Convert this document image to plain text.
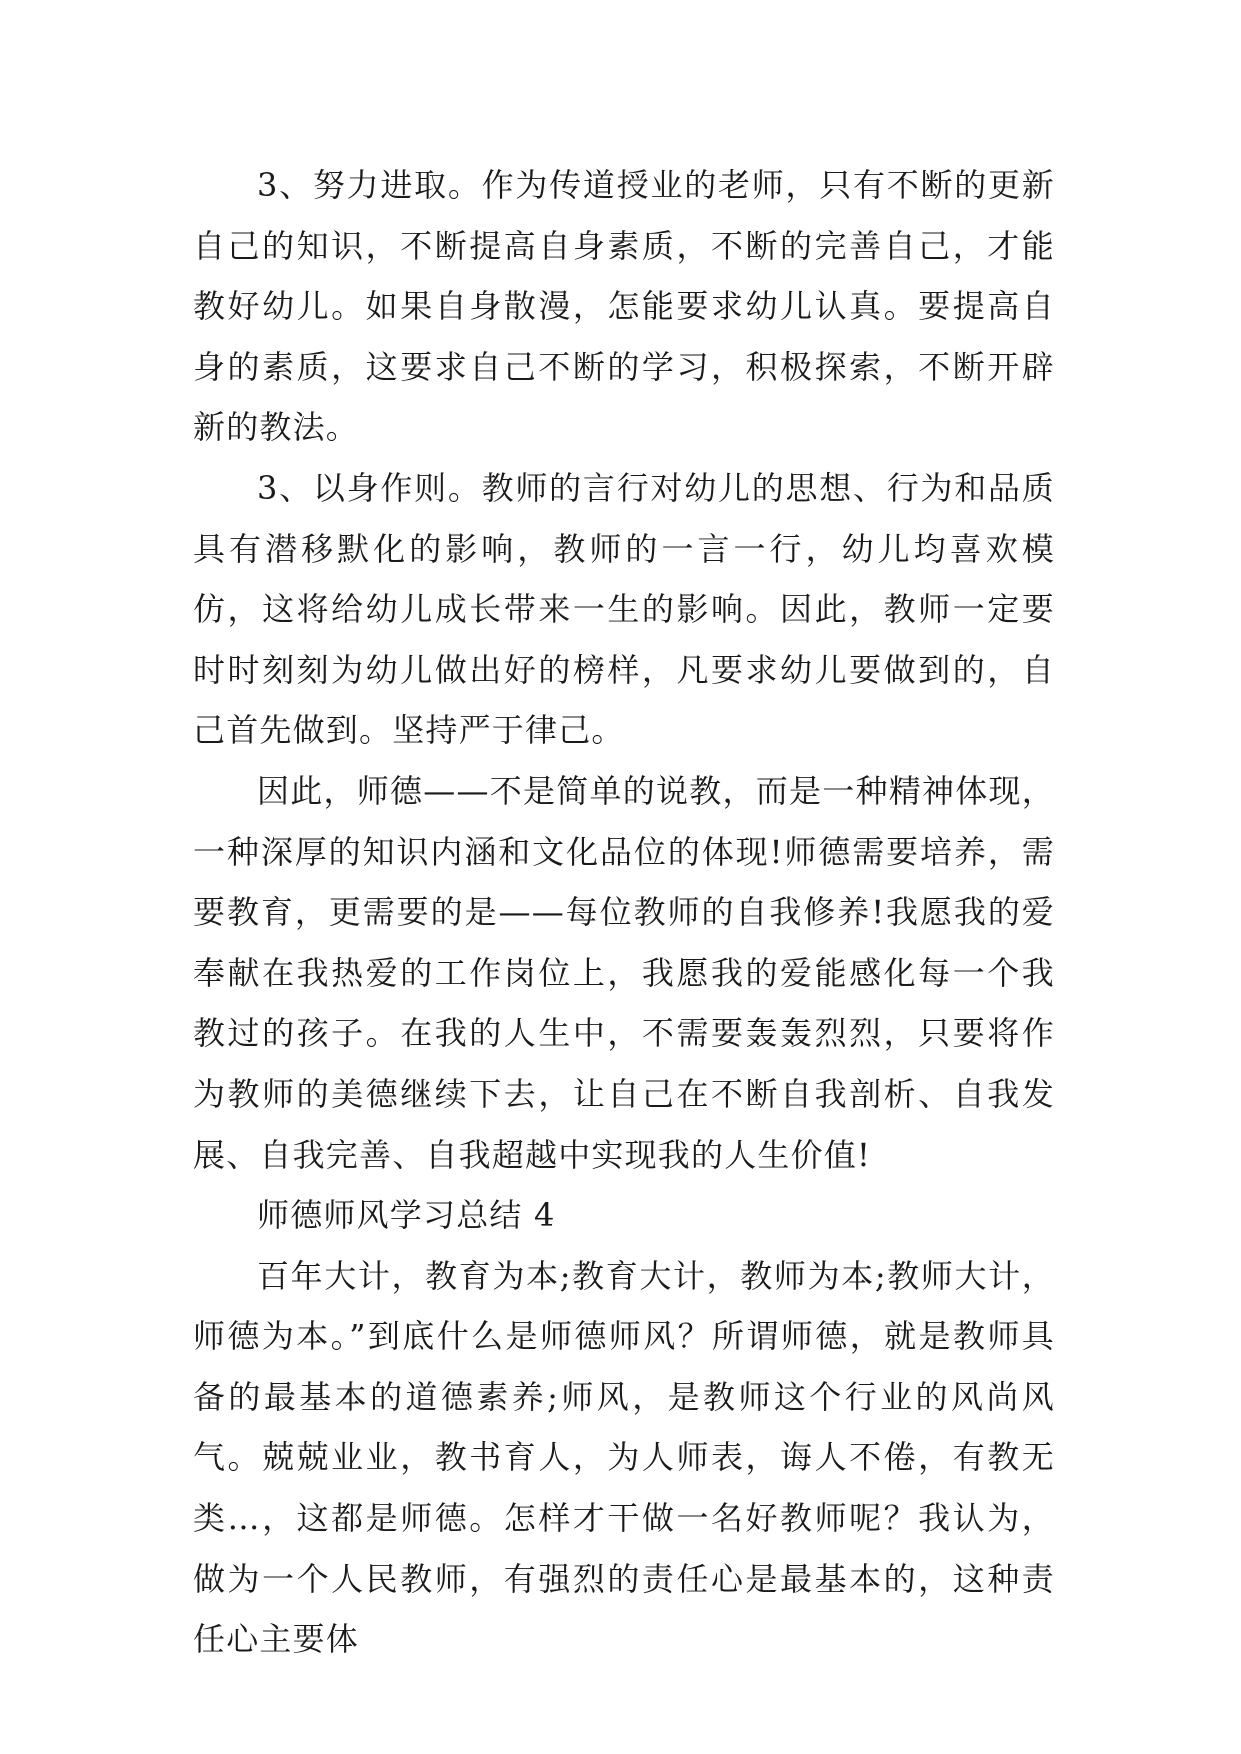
3、努力进取。作为传道授业的老师，只有不断的更新自己的知识，不断提高自身素质，不断的完善自己，才能教好幼儿。如果自身散漫，怎能要求幼儿认真。要提高自身的素质，这要求自己不断的学习，积极探索，不断开辟新的教法。

3、以身作则。教师的言行对幼儿的思想、行为和品质具有潜移默化的影响，教师的一言一行，幼儿均喜欢模仿，这将给幼儿成长带来一生的影响。因此，教师一定要时时刻刻为幼儿做出好的榜样，凡要求幼儿要做到的，自己首先做到。坚持严于律己。

因此，师德——不是简单的说教，而是一种精神体现，一种深厚的知识内涵和文化品位的体现!师德需要培养，需要教育，更需要的是——每位教师的自我修养!我愿我的爱奉献在我热爱的工作岗位上，我愿我的爱能感化每一个我教过的孩子。在我的人生中，不需要轰轰烈烈，只要将作为教师的美德继续下去，让自己在不断自我剖析、自我发展、自我完善、自我超越中实现我的人生价值!

师德师风学习总结 4

百年大计，教育为本;教育大计，教师为本;教师大计，师德为本。”到底什么是师德师风？所谓师德，就是教师具备的最基本的道德素养;师风，是教师这个行业的风尚风气。兢兢业业，教书育人，为人师表，诲人不倦，有教无类…，这都是师德。怎样才干做一名好教师呢？我认为，做为一个人民教师，有强烈的责任心是最基本的，这种责任心主要体
